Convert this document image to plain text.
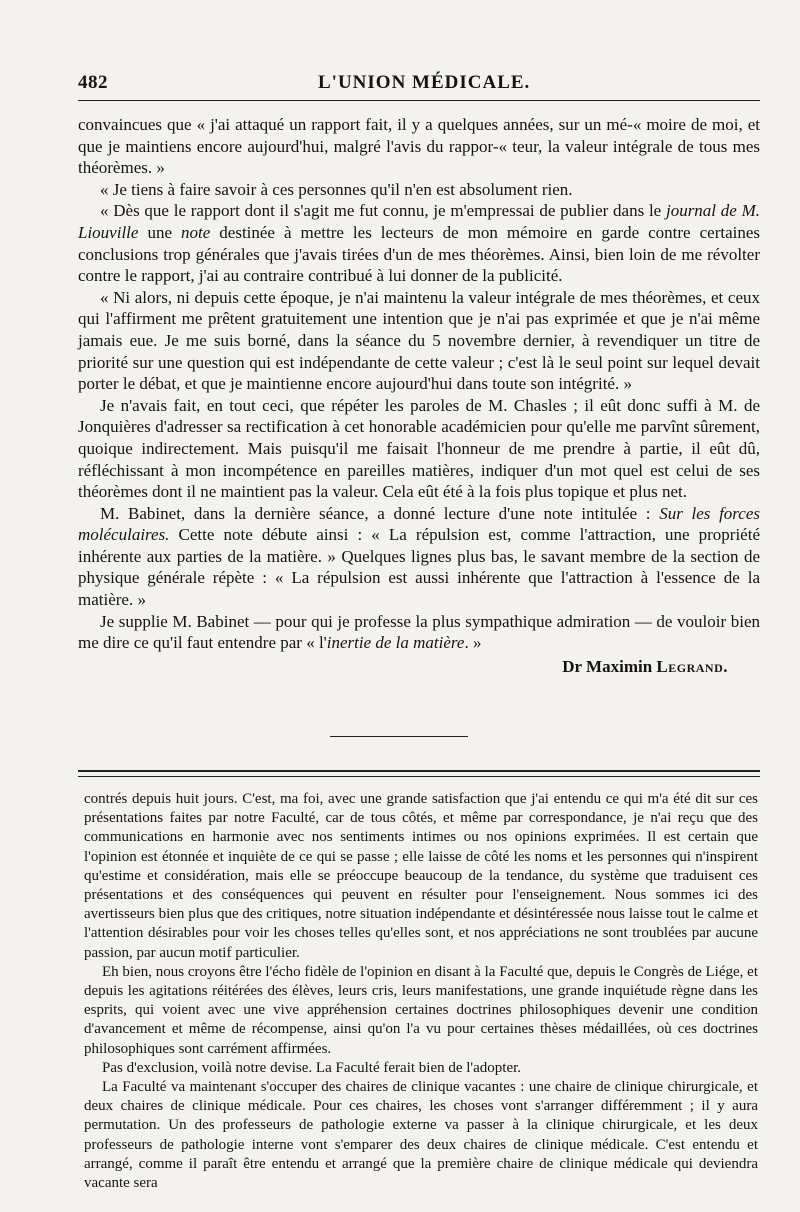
482	L'UNION MÉDICALE.

convaincues que « j'ai attaqué un rapport fait, il y a quelques années, sur un mé-« moire de moi, et que je maintiens encore aujourd'hui, malgré l'avis du rappor-« teur, la valeur intégrale de tous mes théorèmes. »

« Je tiens à faire savoir à ces personnes qu'il n'en est absolument rien.

« Dès que le rapport dont il s'agit me fut connu, je m'empressai de publier dans le journal de M. Liouville une note destinée à mettre les lecteurs de mon mémoire en garde contre certaines conclusions trop générales que j'avais tirées d'un de mes théorèmes. Ainsi, bien loin de me révolter contre le rapport, j'ai au contraire contribué à lui donner de la publicité.

« Ni alors, ni depuis cette époque, je n'ai maintenu la valeur intégrale de mes théorèmes, et ceux qui l'affirment me prêtent gratuitement une intention que je n'ai pas exprimée et que je n'ai même jamais eue. Je me suis borné, dans la séance du 5 novembre dernier, à revendiquer un titre de priorité sur une question qui est indépendante de cette valeur ; c'est là le seul point sur lequel devait porter le débat, et que je maintienne encore aujourd'hui dans toute son intégrité. »

Je n'avais fait, en tout ceci, que répéter les paroles de M. Chasles ; il eût donc suffi à M. de Jonquières d'adresser sa rectification à cet honorable académicien pour qu'elle me parvînt sûrement, quoique indirectement. Mais puisqu'il me faisait l'honneur de me prendre à partie, il eût dû, réfléchissant à mon incompétence en pareilles matières, indiquer d'un mot quel est celui de ses théorèmes dont il ne maintient pas la valeur. Cela eût été à la fois plus topique et plus net.

M. Babinet, dans la dernière séance, a donné lecture d'une note intitulée : Sur les forces moléculaires. Cette note débute ainsi : « La répulsion est, comme l'attraction, une propriété inhérente aux parties de la matière. » Quelques lignes plus bas, le savant membre de la section de physique générale répète : « La répulsion est aussi inhérente que l'attraction à l'essence de la matière. »

Je supplie M. Babinet — pour qui je professe la plus sympathique admiration — de vouloir bien me dire ce qu'il faut entendre par « l'inertie de la matière. »

Dr Maximin Legrand.

contrés depuis huit jours. C'est, ma foi, avec une grande satisfaction que j'ai entendu ce qui m'a été dit sur ces présentations faites par notre Faculté, car de tous côtés, et même par correspondance, je n'ai reçu que des communications en harmonie avec nos sentiments intimes ou nos opinions exprimées. Il est certain que l'opinion est étonnée et inquiète de ce qui se passe ; elle laisse de côté les noms et les personnes qui n'inspirent qu'estime et considération, mais elle se préoccupe beaucoup de la tendance, du système que traduisent ces présentations et des conséquences qui peuvent en résulter pour l'enseignement. Nous sommes ici des avertisseurs bien plus que des critiques, notre situation indépendante et désintéressée nous laisse tout le calme et l'attention désirables pour voir les choses telles qu'elles sont, et nos appréciations ne sont troublées par aucune passion, par aucun motif particulier.

Eh bien, nous croyons être l'écho fidèle de l'opinion en disant à la Faculté que, depuis le Congrès de Liége, et depuis les agitations réitérées des élèves, leurs cris, leurs manifestations, une grande inquiétude règne dans les esprits, qui voient avec une vive appréhension certaines doctrines philosophiques devenir une condition d'avancement et même de récompense, ainsi qu'on l'a vu pour certaines thèses médaillées, où ces doctrines philosophiques sont carrément affirmées.

Pas d'exclusion, voilà notre devise. La Faculté ferait bien de l'adopter.

La Faculté va maintenant s'occuper des chaires de clinique vacantes : une chaire de clinique chirurgicale, et deux chaires de clinique médicale. Pour ces chaires, les choses vont s'arranger différemment ; il y aura permutation. Un des professeurs de pathologie externe va passer à la clinique chirurgicale, et les deux professeurs de pathologie interne vont s'emparer des deux chaires de clinique médicale. C'est entendu et arrangé, comme il paraît être entendu et arrangé que la première chaire de clinique médicale qui deviendra vacante sera
